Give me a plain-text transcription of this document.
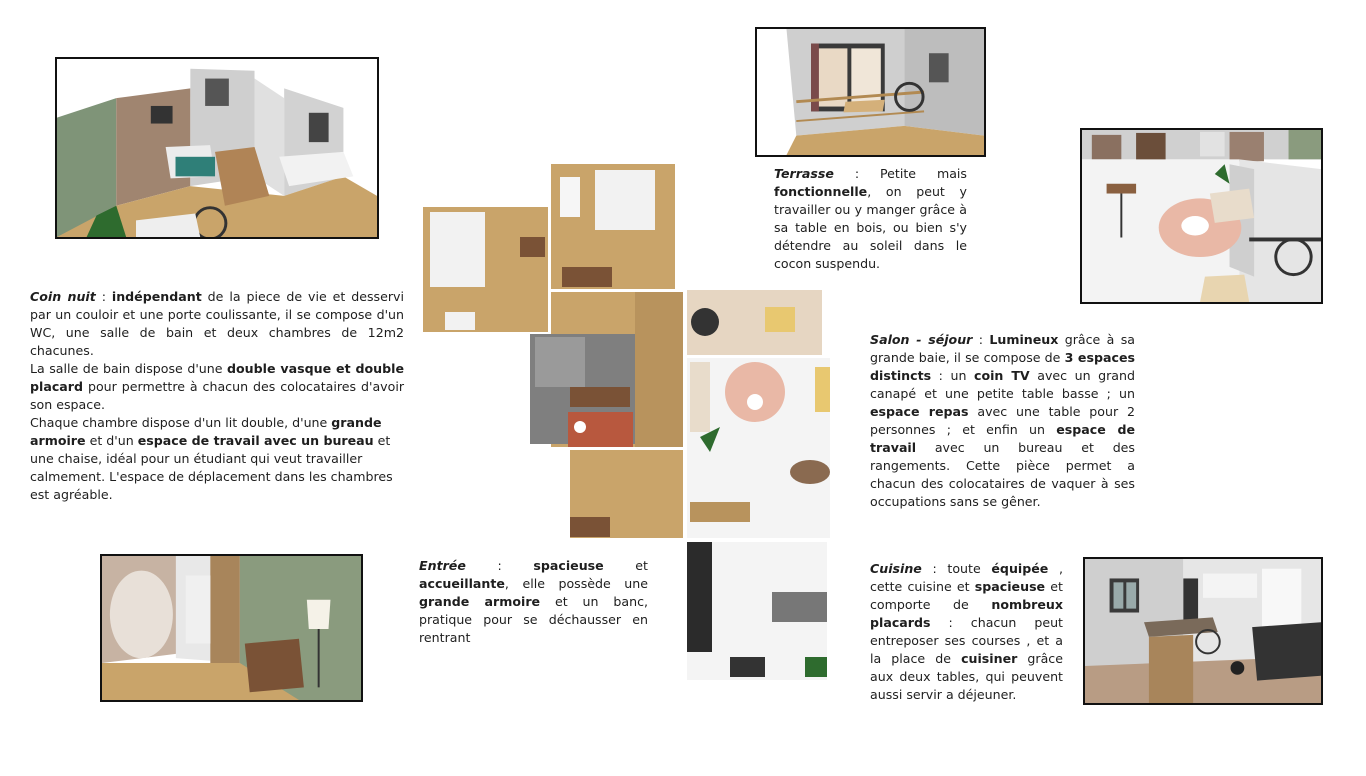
Coin nuit : indépendant de la piece de vie et desservi par un couloir et une porte coulissante, il se compose d'un WC, une salle de bain et deux chambres de 12m2 chacunes.

La salle de bain dispose d'une double vasque et double placard pour permettre à chacun des colocataires d'avoir son espace.

Chaque chambre dispose d'un lit double, d'une grande armoire et d'un espace de travail avec un bureau et une chaise, idéal pour un étudiant qui veut travailler calmement. L'espace de déplacement dans les chambres est agréable.

Terrasse : Petite mais fonctionnelle, on peut y travailler ou y manger grâce à sa table en bois, ou bien s'y détendre au soleil dans le cocon suspendu.

Salon - séjour : Lumineux grâce à sa grande baie, il se compose de 3 espaces distincts : un coin TV avec un grand canapé et une petite table basse ; un espace repas avec une table pour 2 personnes ; et enfin un espace de travail avec un bureau et des rangements. Cette pièce permet a chacun des colocataires de vaquer à ses occupations sans se gêner.

Entrée : spacieuse et accueillante, elle possède une grande armoire et un banc, pratique pour se déchausser en rentrant

Cuisine : toute équipée , cette cuisine et spacieuse et comporte de nombreux placards : chacun peut entreposer ses courses , et a la place de cuisiner grâce aux deux tables, qui peuvent aussi servir a déjeuner.
